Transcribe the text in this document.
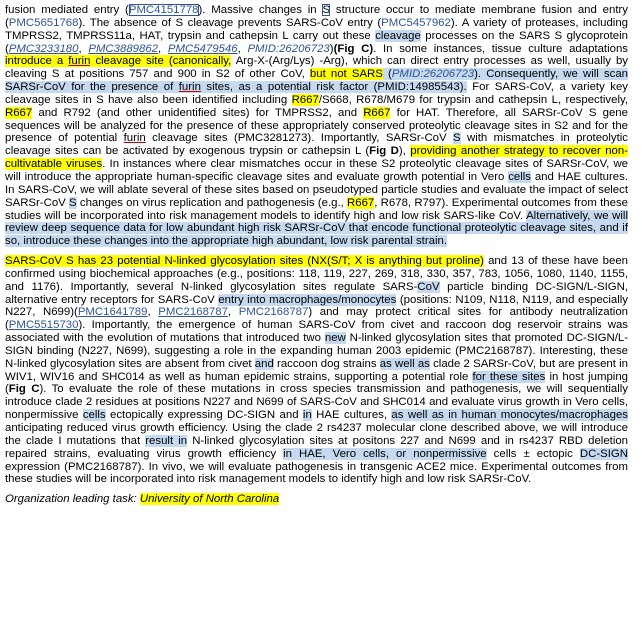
fusion mediated entry (PMC4151778). Massive changes in S structure occur to mediate membrane fusion and entry (PMC5651768). The absence of S cleavage prevents SARS-CoV entry (PMC5457962). A variety of proteases, including TMPRSS2, TMPRSS11a, HAT, trypsin and cathepsin L carry out these cleavage processes on the SARS S glycoprotein (PMC3233180, PMC3889862, PMC5479546, PMID:26206723)(Fig C). In some instances, tissue culture adaptations introduce a furin cleavage site (canonically, Arg-X-(Arg/Lys) -Arg), which can direct entry processes as well, usually by cleaving S at positions 757 and 900 in S2 of other CoV, but not SARS (PMID:26206723). Consequently, we will scan SARSr-CoV for the presence of furin sites, as a potential risk factor (PMID:14985543). For SARS-CoV, a variety key cleavage sites in S have also been identified including R667/S668, R678/M679 for trypsin and cathepsin L, respectively, R667 and R792 (and other unidentified sites) for TMPRSS2, and R667 for HAT. Therefore, all SARSr-CoV S gene sequences will be analyzed for the presence of these appropriately conserved proteolytic cleavage sites in S2 and for the presence of potential furin cleavage sites (PMC3281273). Importantly, SARSr-CoV S with mismatches in proteolytic cleavage sites can be activated by exogenous trypsin or cathepsin L (Fig D), providing another strategy to recover non-cultivatable viruses. In instances where clear mismatches occur in these S2 proteolytic cleavage sites of SARSr-CoV, we will introduce the appropriate human-specific cleavage sites and evaluate growth potential in Vero cells and HAE cultures. In SARS-CoV, we will ablate several of these sites based on pseudotyped particle studies and evaluate the impact of select SARSr-CoV S changes on virus replication and pathogenesis (e.g., R667, R678, R797). Experimental outcomes from these studies will be incorporated into risk management models to identify high and low risk SARS-like CoV. Alternatively, we will review deep sequence data for low abundant high risk SARSr-CoV that encode functional proteolytic cleavage sites, and if so, introduce these changes into the appropriate high abundant, low risk parental strain.

SARS-CoV S has 23 potential N-linked glycosylation sites (NX(S/T; X is anything but proline) and 13 of these have been confirmed using biochemical approaches (e.g., positions: 118, 119, 227, 269, 318, 330, 357, 783, 1056, 1080, 1140, 1155, and 1176). Importantly, several N-linked glycosylation sites regulate SARS-CoV particle binding DC-SIGN/L-SIGN, alternative entry receptors for SARS-CoV entry into macrophages/monocytes (positions: N109, N118, N119, and especially N227, N699)(PMC1641789, PMC2168787, PMC2168787) and may protect critical sites for antibody neutralization (PMC5515730). Importantly, the emergence of human SARS-CoV from civet and raccoon dog reservoir strains was associated with the evolution of mutations that introduced two new N-linked glycosylation sites that promoted DC-SIGN/L-SIGN binding (N227, N699), suggesting a role in the expanding human 2003 epidemic (PMC2168787). Interesting, these N-linked glycosylation sites are absent from civet and raccoon dog strains as well as clade 2 SARSr-CoV, but are present in WIV1, WIV16 and SHC014 as well as human epidemic strains, supporting a potential role for these sites in host jumping (Fig C). To evaluate the role of these mutations in cross species transmission and pathogenesis, we will sequentially introduce clade 2 residues at positions N227 and N699 of SARS-CoV and SHC014 and evaluate virus growth in Vero cells, nonpermissive cells ectopically expressing DC-SIGN and in HAE cultures, as well as in human monocytes/macrophages anticipating reduced virus growth efficiency. Using the clade 2 rs4237 molecular clone described above, we will introduce the clade I mutations that result in N-linked glycosylation sites at positons 227 and N699 and in rs4237 RBD deletion repaired strains, evaluating virus growth efficiency in HAE, Vero cells, or nonpermissive cells ± ectopic DC-SIGN expression (PMC2168787). In vivo, we will evaluate pathogenesis in transgenic ACE2 mice. Experimental outcomes from these studies will be incorporated into risk management models to identify high and low risk SARSr-CoV.

Organization leading task: University of North Carolina
